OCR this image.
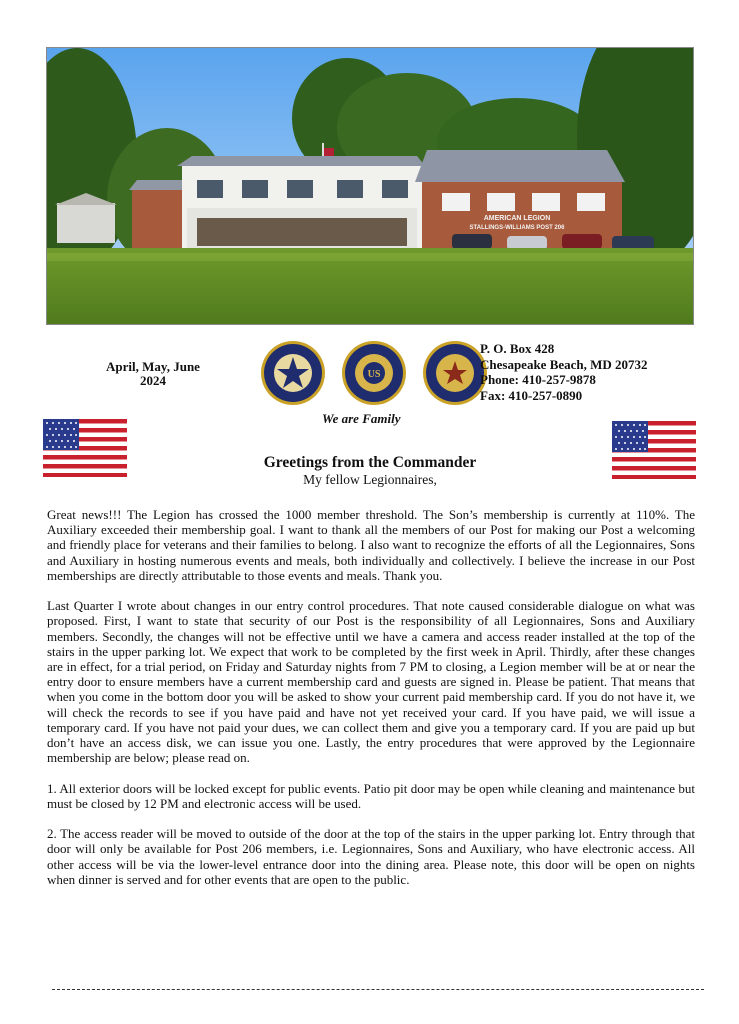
AMERICAN LEGION
STALLINGS-WILLIAMS POST 206
April, May, June
2024	US
We are Family
P. O. Box 428
Chesapeake Beach, MD 20732
Phone: 410-257-9878
Fax: 410-257-0890
Greetings from the Commander
My fellow Legionnaires,

Great news!!! The Legion has crossed the 1000 member threshold. The Son’s membership is currently at 110%. The Auxiliary exceeded their membership goal. I want to thank all the members of our Post for making our Post a welcoming and friendly place for veterans and their families to belong. I also want to recognize the efforts of all the Legionnaires, Sons and Auxiliary in hosting numerous events and meals, both individually and collectively. I believe the increase in our Post memberships are directly attributable to those events and meals. Thank you.

Last Quarter I wrote about changes in our entry control procedures. That note caused considerable dialogue on what was proposed. First, I want to state that security of our Post is the responsibility of all Legionnaires, Sons and Auxiliary members. Secondly, the changes will not be effective until we have a camera and access reader installed at the top of the stairs in the upper parking lot. We expect that work to be completed by the first week in April. Thirdly, after these changes are in effect, for a trial period, on Friday and Saturday nights from 7 PM to closing, a Legion member will be at or near the entry door to ensure members have a current membership card and guests are signed in. Please be patient. That means that when you come in the bottom door you will be asked to show your current paid membership card. If you do not have it, we will check the records to see if you have paid and have not yet received your card. If you have paid, we will issue a temporary card. If you have not paid your dues, we can collect them and give you a temporary card. If you are paid up but don’t have an access disk, we can issue you one. Lastly, the entry procedures that were approved by the Legionnaire membership are below; please read on.

1. All exterior doors will be locked except for public events. Patio pit door may be open while cleaning and maintenance but must be closed by 12 PM and electronic access will be used.

2. The access reader will be moved to outside of the door at the top of the stairs in the upper parking lot. Entry through that door will only be available for Post 206 members, i.e. Legionnaires, Sons and Auxiliary, who have electronic access. All other access will be via the lower-level entrance door into the dining area. Please note, this door will be open on nights when dinner is served and for other events that are open to the public.
